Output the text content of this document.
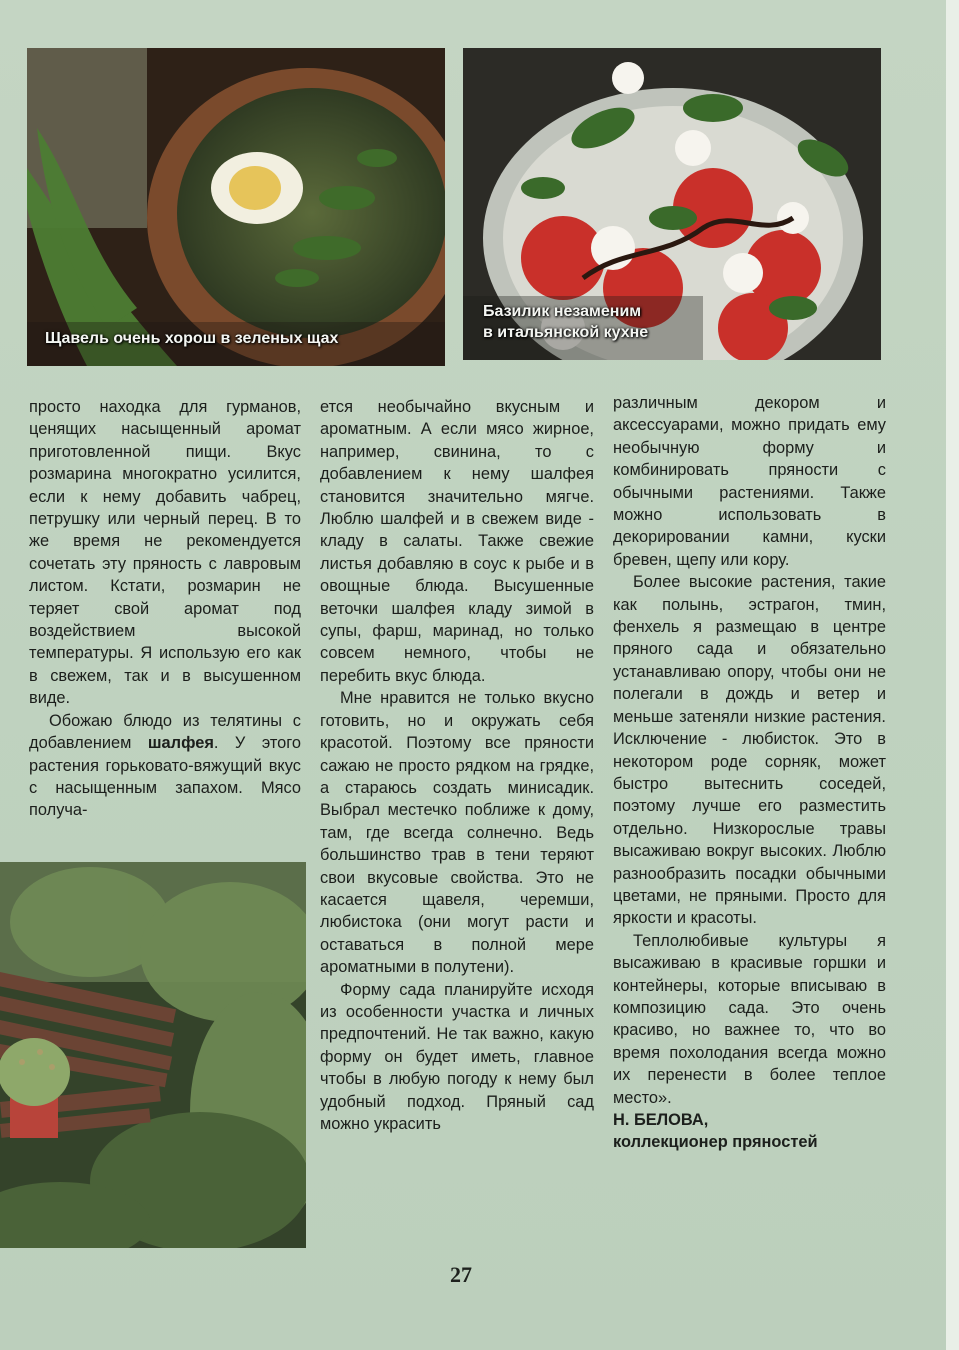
Щавель очень хорош в зеленых щах
Базилик незаменим
в итальянской кухне

просто находка для гурманов, ценящих насыщенный аромат приготовленной пищи. Вкус розмарина многократно усилится, если к нему добавить чабрец, петрушку или черный перец. В то же время не рекомендуется сочетать эту пряность с лавровым листом. Кстати, розмарин не теряет свой аромат под воздействием высокой температуры. Я использую его как в свежем, так и в высушенном виде.

Обожаю блюдо из телятины с добавлением шалфея. У этого растения горьковато-вяжущий вкус с насыщенным запахом. Мясо получа-

ется необычайно вкусным и ароматным. А если мясо жирное, например, свинина, то с добавлением к нему шалфея становится значительно мягче. Люблю шалфей и в свежем виде - кладу в салаты. Также свежие листья добавляю в соус к рыбе и в овощные блюда. Высушенные веточки шалфея кладу зимой в супы, фарш, маринад, но только совсем немного, чтобы не перебить вкус блюда.

Мне нравится не только вкусно готовить, но и окружать себя красотой. Поэтому все пряности сажаю не просто рядком на грядке, а стараюсь создать минисадик. Выбрал местечко поближе к дому, там, где всегда солнечно. Ведь большинство трав в тени теряют свои вкусовые свойства. Это не касается щавеля, черемши, любистока (они могут расти и оставаться в полной мере ароматными в полутени).

Форму сада планируйте исходя из особенности участка и личных предпочтений. Не так важно, какую форму он будет иметь, главное чтобы в любую погоду к нему был удобный подход. Пряный сад можно украсить

различным декором и аксессуарами, можно придать ему необычную форму и комбинировать пряности с обычными растениями. Также можно использовать в декорировании камни, куски бревен, щепу или кору.

Более высокие растения, такие как полынь, эстрагон, тмин, фенхель я размещаю в центре пряного сада и обязательно устанавливаю опору, чтобы они не полегали в дождь и ветер и меньше затеняли низкие растения. Исключение - любисток. Это в некотором роде сорняк, может быстро вытеснить соседей, поэтому лучше его разместить отдельно. Низкорослые травы высаживаю вокруг высоких. Люблю разнообразить посадки обычными цветами, не пряными. Просто для яркости и красоты.

Теплолюбивые культуры я высаживаю в красивые горшки и контейнеры, которые вписываю в композицию сада. Это очень красиво, но важнее то, что во время похолодания всегда можно их перенести в более теплое место».

Н. БЕЛОВА,

коллекционер пряностей

27
